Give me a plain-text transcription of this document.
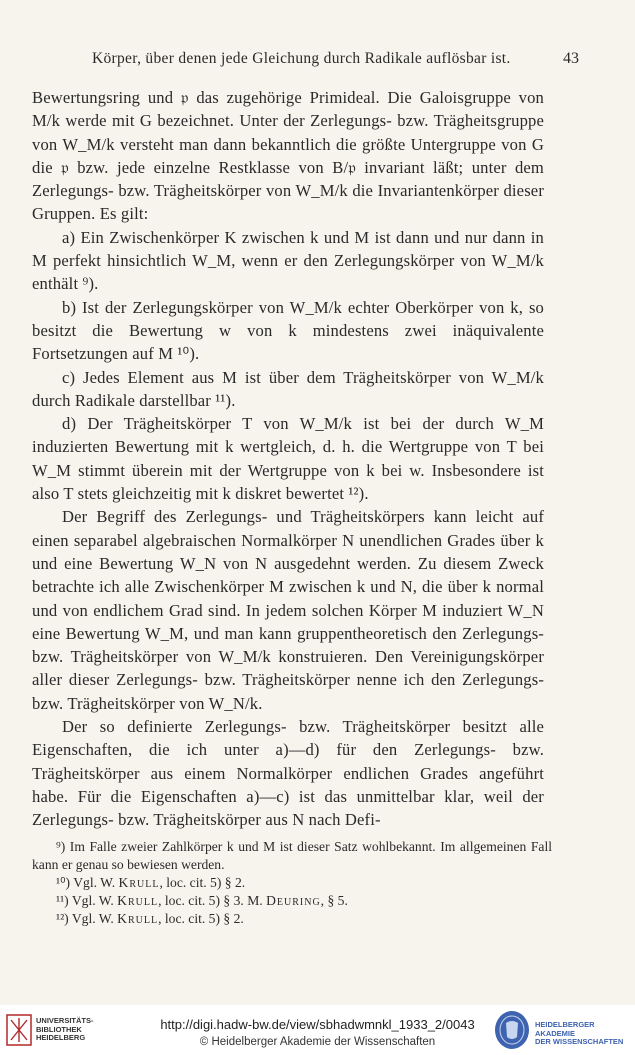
Körper, über denen jede Gleichung durch Radikale auflösbar ist.	43

Bewertungsring und 𝔭 das zugehörige Primideal. Die Galoisgruppe von M/k werde mit G bezeichnet. Unter der Zerlegungs- bzw. Trägheitsgruppe von W_M/k versteht man dann bekanntlich die größte Untergruppe von G die 𝔭 bzw. jede einzelne Restklasse von B/𝔭 invariant läßt; unter dem Zerlegungs- bzw. Trägheitskörper von W_M/k die Invariantenkörper dieser Gruppen. Es gilt:

a) Ein Zwischenkörper K zwischen k und M ist dann und nur dann in M perfekt hinsichtlich W_M, wenn er den Zerlegungskörper von W_M/k enthält ⁹).

b) Ist der Zerlegungskörper von W_M/k echter Oberkörper von k, so besitzt die Bewertung w von k mindestens zwei inäquivalente Fortsetzungen auf M ¹⁰).

c) Jedes Element aus M ist über dem Trägheitskörper von W_M/k durch Radikale darstellbar ¹¹).

d) Der Trägheitskörper T von W_M/k ist bei der durch W_M induzierten Bewertung mit k wertgleich, d. h. die Wertgruppe von T bei W_M stimmt überein mit der Wertgruppe von k bei w. Insbesondere ist also T stets gleichzeitig mit k diskret bewertet ¹²).

Der Begriff des Zerlegungs- und Trägheitskörpers kann leicht auf einen separabel algebraischen Normalkörper N unendlichen Grades über k und eine Bewertung W_N von N ausgedehnt werden. Zu diesem Zweck betrachte ich alle Zwischenkörper M zwischen k und N, die über k normal und von endlichem Grad sind. In jedem solchen Körper M induziert W_N eine Bewertung W_M, und man kann gruppentheoretisch den Zerlegungs- bzw. Trägheitskörper von W_M/k konstruieren. Den Vereinigungskörper aller dieser Zerlegungs- bzw. Trägheitskörper nenne ich den Zerlegungs- bzw. Trägheitskörper von W_N/k.

Der so definierte Zerlegungs- bzw. Trägheitskörper besitzt alle Eigenschaften, die ich unter a)—d) für den Zerlegungs- bzw. Trägheitskörper aus einem Normalkörper endlichen Grades angeführt habe. Für die Eigenschaften a)—c) ist das unmittelbar klar, weil der Zerlegungs- bzw. Trägheitskörper aus N nach Defi-

⁹) Im Falle zweier Zahlkörper k und M ist dieser Satz wohlbekannt. Im allgemeinen Fall kann er genau so bewiesen werden.

¹⁰) Vgl. W. Krull, loc. cit. 5) § 2.

¹¹) Vgl. W. Krull, loc. cit. 5) § 3. M. Deuring, § 5.

¹²) Vgl. W. Krull, loc. cit. 5) § 2.

UNIVERSITÄTS-
BIBLIOTHEK
HEIDELBERG
http://digi.hadw-bw.de/view/sbhadwmnkl_1933_2/0043
© Heidelberger Akademie der Wissenschaften
HEIDELBERGER AKADEMIE
DER WISSENSCHAFTEN
